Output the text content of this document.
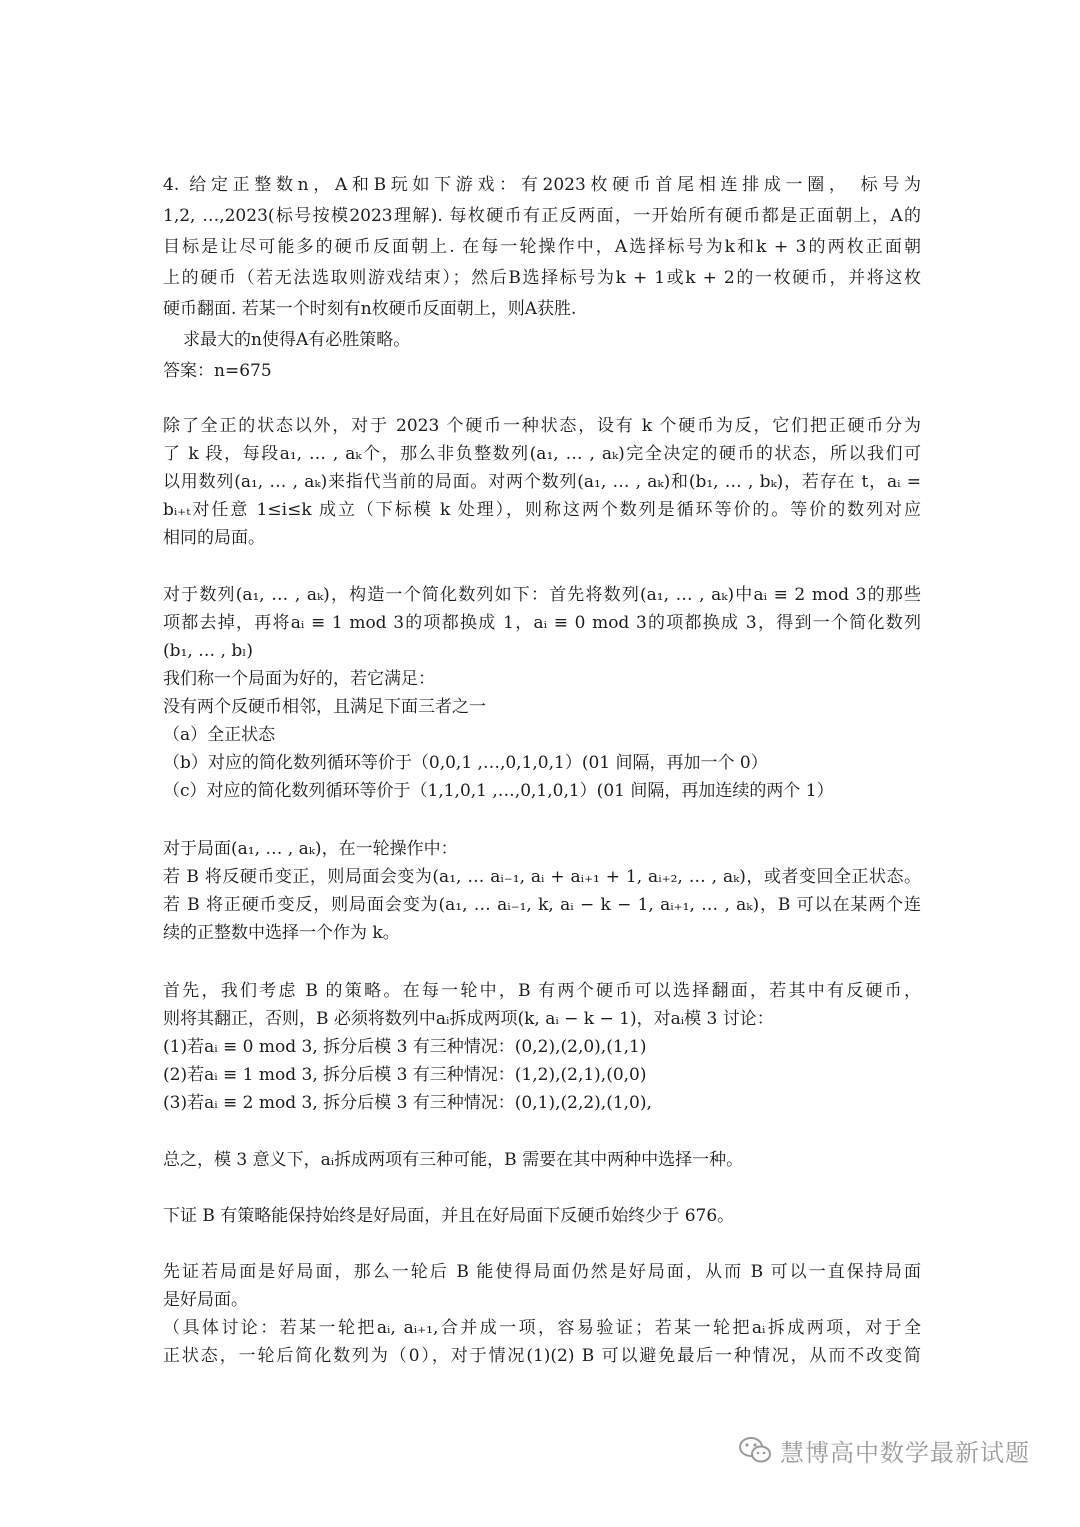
4. 给定正整数n，A和B玩如下游戏：有2023枚硬币首尾相连排成一圈， 标号为
1,2, …,2023(标号按模2023理解). 每枚硬币有正反两面，一开始所有硬币都是正面朝上，A的
目标是让尽可能多的硬币反面朝上. 在每一轮操作中，A选择标号为k和k + 3的两枚正面朝
上的硬币（若无法选取则游戏结束）；然后B选择标号为k + 1或k + 2的一枚硬币，并将这枚
硬币翻面. 若某一个时刻有n枚硬币反面朝上，则A获胜.
求最大的n使得A有必胜策略。
答案：n=675
除了全正的状态以外，对于 2023 个硬币一种状态，设有 k 个硬币为反，它们把正硬币分为
了 k 段，每段a₁, … , aₖ个，那么非负整数列(a₁, … , aₖ)完全决定的硬币的状态，所以我们可
以用数列(a₁, … , aₖ)来指代当前的局面。对两个数列(a₁, … , aₖ)和(b₁, … , bₖ)，若存在 t，aᵢ =
bᵢ₊ₜ对任意 1≤i≤k 成立（下标模 k 处理），则称这两个数列是循环等价的。等价的数列对应
相同的局面。
对于数列(a₁, … , aₖ)，构造一个简化数列如下：首先将数列(a₁, … , aₖ)中aᵢ ≡ 2 mod 3的那些
项都去掉，再将aᵢ ≡ 1 mod 3的项都换成 1，aᵢ ≡ 0 mod 3的项都换成 3，得到一个简化数列
(b₁, … , bₗ)
我们称一个局面为好的，若它满足：
没有两个反硬币相邻，且满足下面三者之一
（a）全正状态
（b）对应的简化数列循环等价于（0,0,1 ,…,0,1,0,1）(01 间隔，再加一个 0）
（c）对应的简化数列循环等价于（1,1,0,1 ,…,0,1,0,1）(01 间隔，再加连续的两个 1）
对于局面(a₁, … , aₖ)，在一轮操作中：
若 B 将反硬币变正，则局面会变为(a₁, … aᵢ₋₁, aᵢ + aᵢ₊₁ + 1, aᵢ₊₂, … , aₖ)，或者变回全正状态。
若 B 将正硬币变反，则局面会变为(a₁, … aᵢ₋₁, k, aᵢ − k − 1, aᵢ₊₁, … , aₖ)，B 可以在某两个连
续的正整数中选择一个作为 k。
首先，我们考虑 B 的策略。在每一轮中，B 有两个硬币可以选择翻面，若其中有反硬币，
则将其翻正，否则，B 必须将数列中aᵢ拆成两项(k, aᵢ − k − 1)，对aᵢ模 3 讨论：
(1)若aᵢ ≡ 0 mod 3, 拆分后模 3 有三种情况：(0,2),(2,0),(1,1)
(2)若aᵢ ≡ 1 mod 3, 拆分后模 3 有三种情况：(1,2),(2,1),(0,0)
(3)若aᵢ ≡ 2 mod 3, 拆分后模 3 有三种情况：(0,1),(2,2),(1,0),
总之，模 3 意义下，aᵢ拆成两项有三种可能，B 需要在其中两种中选择一种。
下证 B 有策略能保持始终是好局面，并且在好局面下反硬币始终少于 676。
先证若局面是好局面，那么一轮后 B 能使得局面仍然是好局面，从而 B 可以一直保持局面
是好局面。
（具体讨论：若某一轮把aᵢ, aᵢ₊₁,合并成一项，容易验证；若某一轮把aᵢ拆成两项，对于全
正状态，一轮后简化数列为（0），对于情况(1)(2) B 可以避免最后一种情况，从而不改变简
慧博高中数学最新试题
